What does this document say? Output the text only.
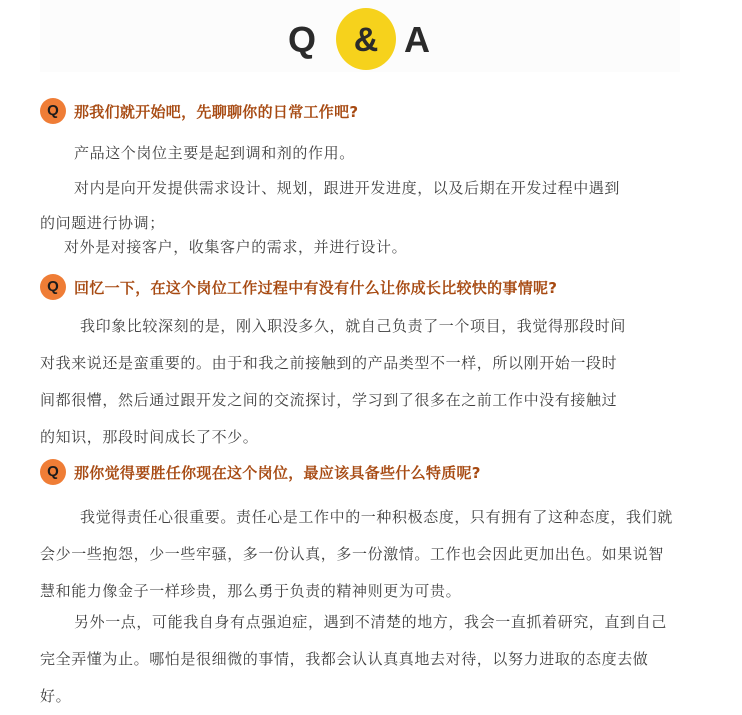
Q	& A
Q	那我们就开始吧，先聊聊你的日常工作吧?
产品这个岗位主要是起到调和剂的作用。
对内是向开发提供需求设计、规划，跟进开发进度，以及后期在开发过程中遇到
的问题进行协调；
对外是对接客户，收集客户的需求，并进行设计。
Q	回忆一下，在这个岗位工作过程中有没有什么让你成长比较快的事情呢?
我印象比较深刻的是，刚入职没多久，就自己负责了一个项目，我觉得那段时间
对我来说还是蛮重要的。由于和我之前接触到的产品类型不一样，所以刚开始一段时
间都很懵，然后通过跟开发之间的交流探讨，学习到了很多在之前工作中没有接触过
的知识，那段时间成长了不少。
Q	那你觉得要胜任你现在这个岗位，最应该具备些什么特质呢?
我觉得责任心很重要。责任心是工作中的一种积极态度，只有拥有了这种态度，我们就
会少一些抱怨，少一些牢骚，多一份认真，多一份激情。工作也会因此更加出色。如果说智
慧和能力像金子一样珍贵，那么勇于负责的精神则更为可贵。
另外一点，可能我自身有点强迫症，遇到不清楚的地方，我会一直抓着研究，直到自己
完全弄懂为止。哪怕是很细微的事情，我都会认认真真地去对待，以努力进取的态度去做
好。
